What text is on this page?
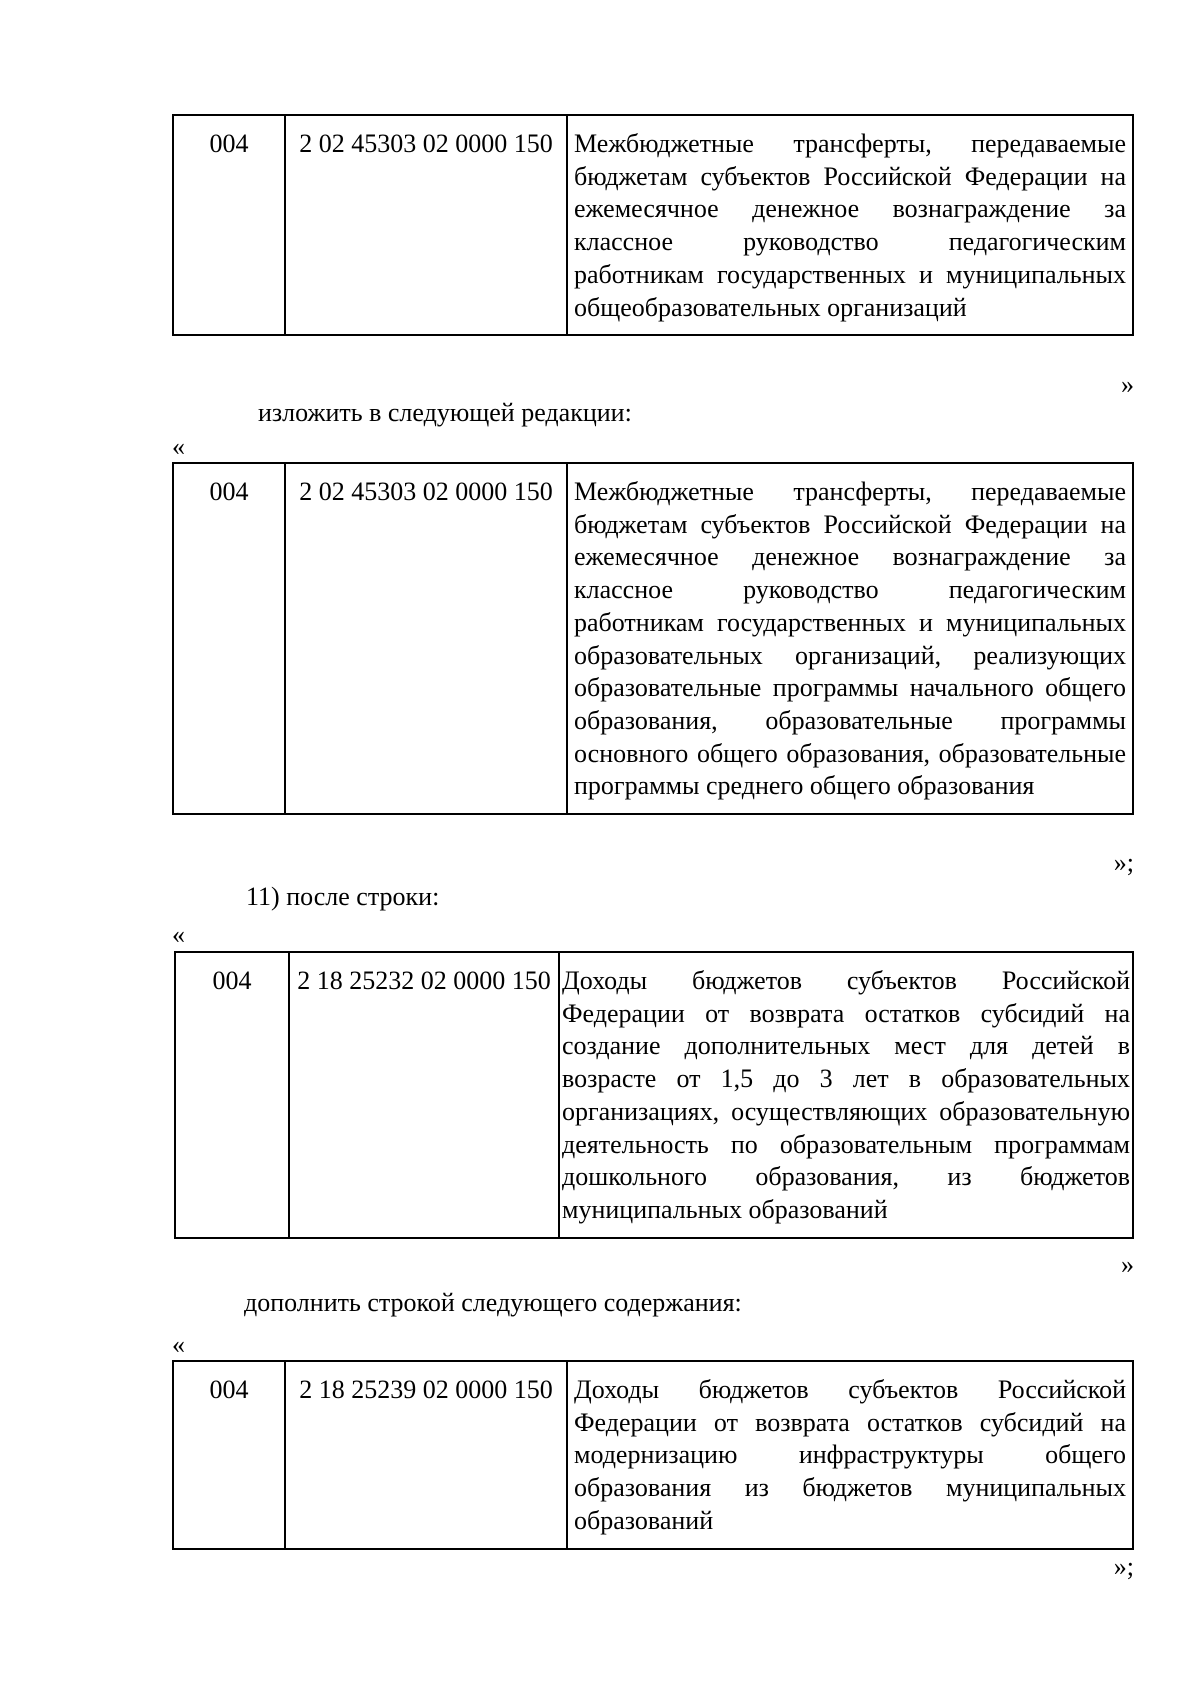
004	2 02 45303 02 0000 150	Межбюджетные трансферты, передаваемые бюджетам субъектов Российской Федерации на ежемесячное денежное вознаграждение за классное руководство педагогическим работникам государственных и муниципальных общеобразовательных организаций
»
изложить в следующей редакции:
«
004	2 02 45303 02 0000 150	Межбюджетные трансферты, передаваемые бюджетам субъектов Российской Федерации на ежемесячное денежное вознаграждение за классное руководство педагогическим работникам государственных и муниципальных образовательных организаций, реализующих образовательные программы начального общего образования, образовательные программы основного общего образования, образовательные программы среднего общего образования
»;
11) после строки:
«
004	2 18 25232 02 0000 150	Доходы бюджетов субъектов Российской Федерации от возврата остатков субсидий на создание дополнительных мест для детей в возрасте от 1,5 до 3 лет в образовательных организациях, осуществляющих образовательную деятельность по образовательным программам дошкольного образования, из бюджетов муниципальных образований
»
дополнить строкой следующего содержания:
«
004	2 18 25239 02 0000 150	Доходы бюджетов субъектов Российской Федерации от возврата остатков субсидий на модернизацию инфраструктуры общего образования из бюджетов муниципальных образований
»;
